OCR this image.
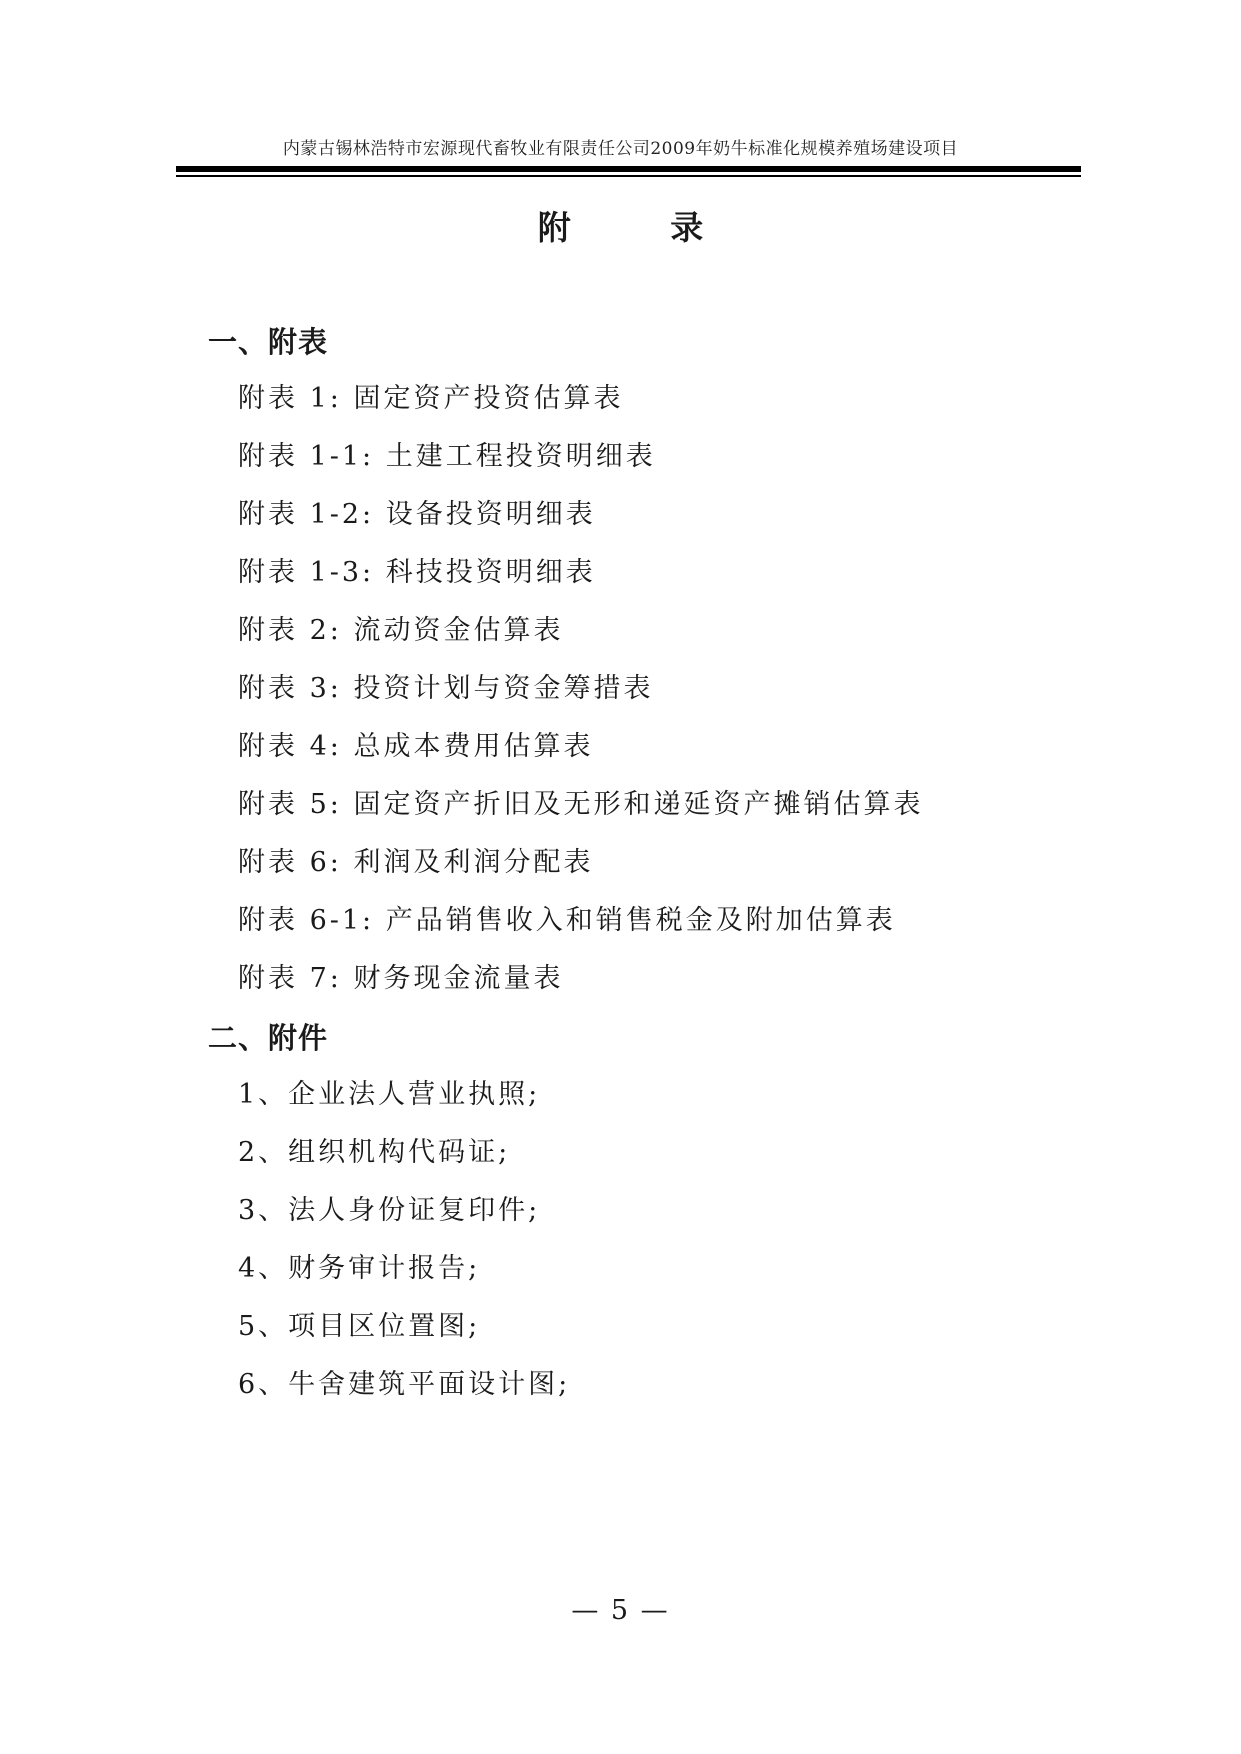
内蒙古锡林浩特市宏源现代畜牧业有限责任公司2009年奶牛标准化规模养殖场建设项目
附 录
一、附表
附表 1: 固定资产投资估算表
附表 1-1: 土建工程投资明细表
附表 1-2: 设备投资明细表
附表 1-3: 科技投资明细表
附表 2: 流动资金估算表
附表 3: 投资计划与资金筹措表
附表 4: 总成本费用估算表
附表 5: 固定资产折旧及无形和递延资产摊销估算表
附表 6: 利润及利润分配表
附表 6-1: 产品销售收入和销售税金及附加估算表
附表 7: 财务现金流量表
二、附件
1、企业法人营业执照;
2、组织机构代码证;
3、法人身份证复印件;
4、财务审计报告;
5、项目区位置图;
6、牛舍建筑平面设计图;
— 5 —
